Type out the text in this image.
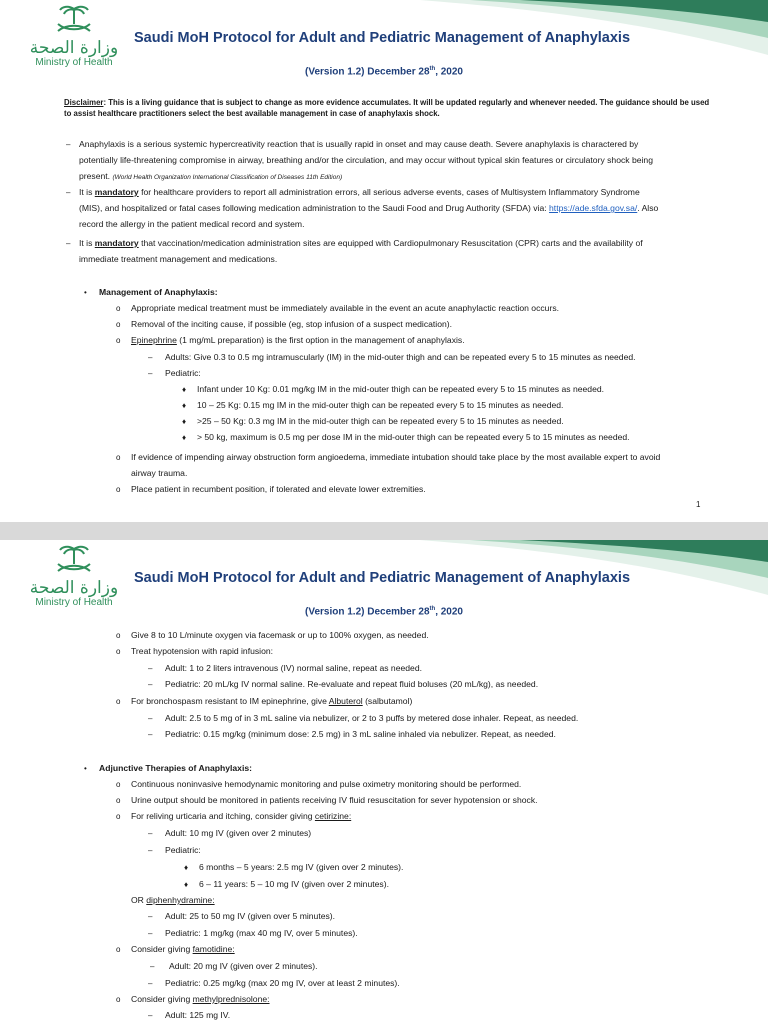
وزارة الصحة
Ministry of Health
Saudi MoH Protocol for Adult and Pediatric Management of Anaphylaxis
(Version 1.2) December 28th, 2020
Disclaimer: This is a living guidance that is subject to change as more evidence accumulates. It will be updated regularly and whenever needed. The guidance should be used to assist healthcare practitioners select the best available management in case of anaphylaxis shock.
– Anaphylaxis is a serious systemic hypercreativity reaction that is usually rapid in onset and may cause death. Severe anaphylaxis is charactered by
potentially life-threatening compromise in airway, breathing and/or the circulation, and may occur without typical skin features or circulatory shock being
present. (World Health Organization International Classification of Diseases 11th Edition)
– It is mandatory for healthcare providers to report all administration errors, all serious adverse events, cases of Multisystem Inflammatory Syndrome
(MIS), and hospitalized or fatal cases following medication administration to the Saudi Food and Drug Authority (SFDA) via: https://ade.sfda.gov.sa/. Also
record the allergy in the patient medical record and system.
– It is mandatory that vaccination/medication administration sites are equipped with Cardiopulmonary Resuscitation (CPR) carts and the availability of
immediate treatment management and medications.
• Management of Anaphylaxis:
o Appropriate medical treatment must be immediately available in the event an acute anaphylactic reaction occurs.
o Removal of the inciting cause, if possible (eg, stop infusion of a suspect medication).
o Epinephrine (1 mg/mL preparation) is the first option in the management of anaphylaxis.
– Adults: Give 0.3 to 0.5 mg intramuscularly (IM) in the mid-outer thigh and can be repeated every 5 to 15 minutes as needed.
– Pediatric:
♦ Infant under 10 Kg: 0.01 mg/kg IM in the mid-outer thigh can be repeated every 5 to 15 minutes as needed.
♦ 10 – 25 Kg: 0.15 mg IM in the mid-outer thigh can be repeated every 5 to 15 minutes as needed.
♦ >25 – 50 Kg: 0.3 mg IM in the mid-outer thigh can be repeated every 5 to 15 minutes as needed.
♦ > 50 kg, maximum is 0.5 mg per dose IM in the mid-outer thigh can be repeated every 5 to 15 minutes as needed.
o If evidence of impending airway obstruction form angioedema, immediate intubation should take place by the most available expert to avoid
airway trauma.
o Place patient in recumbent position, if tolerated and elevate lower extremities.
1
وزارة الصحة
Ministry of Health
Saudi MoH Protocol for Adult and Pediatric Management of Anaphylaxis
(Version 1.2) December 28th, 2020
o Give 8 to 10 L/minute oxygen via facemask or up to 100% oxygen, as needed.
o Treat hypotension with rapid infusion:
– Adult: 1 to 2 liters intravenous (IV) normal saline, repeat as needed.
– Pediatric: 20 mL/kg IV normal saline. Re-evaluate and repeat fluid boluses (20 mL/kg), as needed.
o For bronchospasm resistant to IM epinephrine, give Albuterol (salbutamol)
– Adult: 2.5 to 5 mg of in 3 mL saline via nebulizer, or 2 to 3 puffs by metered dose inhaler. Repeat, as needed.
– Pediatric: 0.15 mg/kg (minimum dose: 2.5 mg) in 3 mL saline inhaled via nebulizer. Repeat, as needed.
• Adjunctive Therapies of Anaphylaxis:
o Continuous noninvasive hemodynamic monitoring and pulse oximetry monitoring should be performed.
o Urine output should be monitored in patients receiving IV fluid resuscitation for sever hypotension or shock.
o For reliving urticaria and itching, consider giving cetirizine:
– Adult: 10 mg IV (given over 2 minutes)
– Pediatric:
♦ 6 months – 5 years: 2.5 mg IV (given over 2 minutes).
♦ 6 – 11 years: 5 – 10 mg IV (given over 2 minutes).
OR diphenhydramine:
– Adult: 25 to 50 mg IV (given over 5 minutes).
– Pediatric: 1 mg/kg (max 40 mg IV, over 5 minutes).
o Consider giving famotidine:
– Adult: 20 mg IV (given over 2 minutes).
– Pediatric: 0.25 mg/kg (max 20 mg IV, over at least 2 minutes).
o Consider giving methylprednisolone:
– Adult: 125 mg IV.
